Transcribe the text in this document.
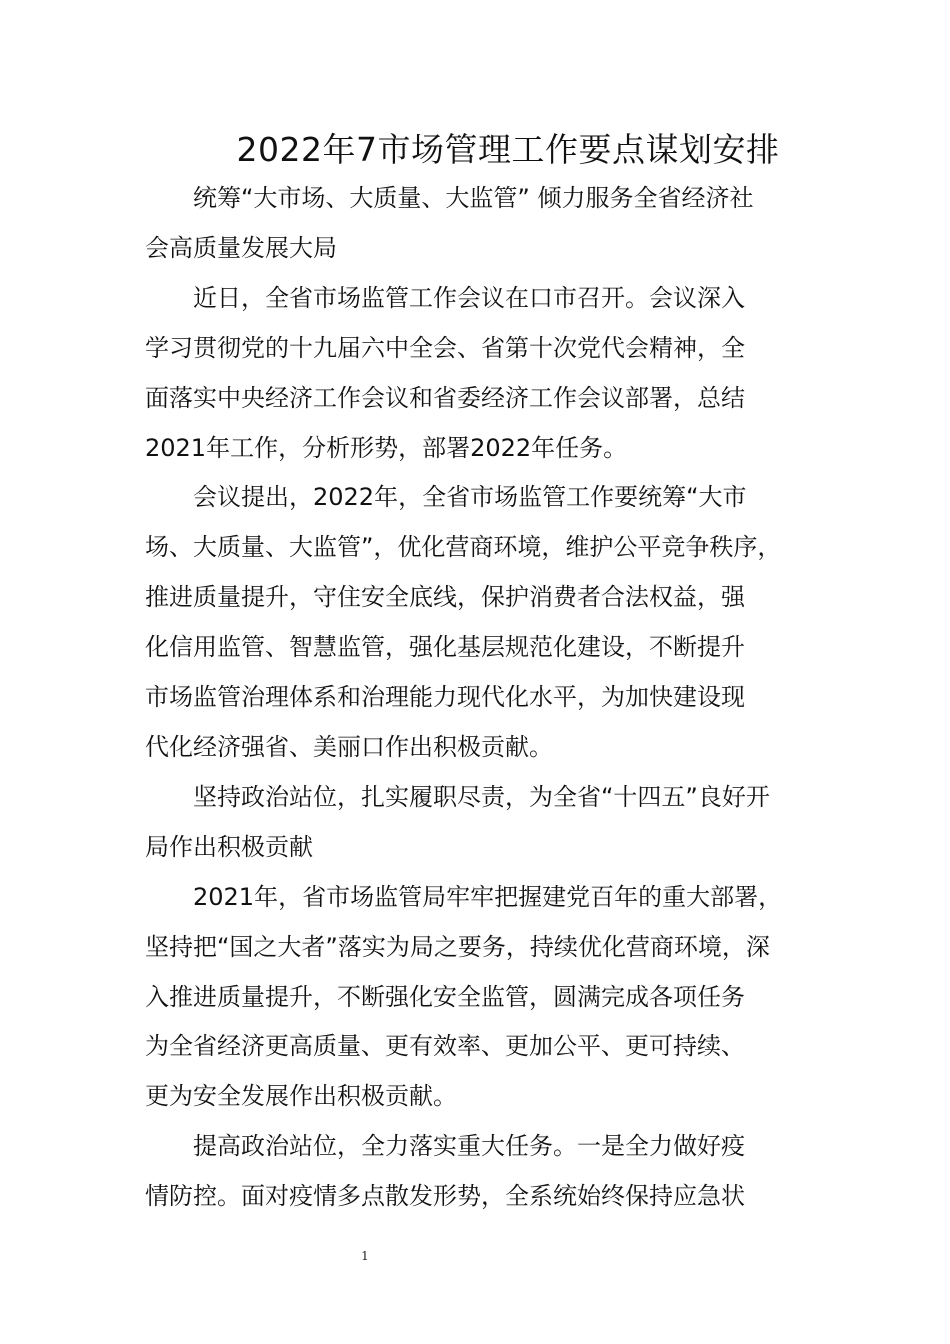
2022年7市场管理工作要点谋划安排

统筹“大市场、大质量、大监管” 倾力服务全省经济社
会高质量发展大局

近日，全省市场监管工作会议在口市召开。会议深入
学习贯彻党的十九届六中全会、省第十次党代会精神，全
面落实中央经济工作会议和省委经济工作会议部署，总结
2021年工作，分析形势，部署2022年任务。

会议提出，2022年，全省市场监管工作要统筹“大市
场、大质量、大监管”，优化营商环境，维护公平竞争秩序，
推进质量提升，守住安全底线，保护消费者合法权益，强
化信用监管、智慧监管，强化基层规范化建设，不断提升
市场监管治理体系和治理能力现代化水平，为加快建设现
代化经济强省、美丽口作出积极贡献。

坚持政治站位，扎实履职尽责，为全省“十四五”良好开
局作出积极贡献

2021年，省市场监管局牢牢把握建党百年的重大部署，
坚持把“国之大者”落实为局之要务，持续优化营商环境，深
入推进质量提升，不断强化安全监管，圆满完成各项任务
为全省经济更高质量、更有效率、更加公平、更可持续、
更为安全发展作出积极贡献。

提高政治站位，全力落实重大任务。一是全力做好疫
情防控。面对疫情多点散发形势，全系统始终保持应急状

1
